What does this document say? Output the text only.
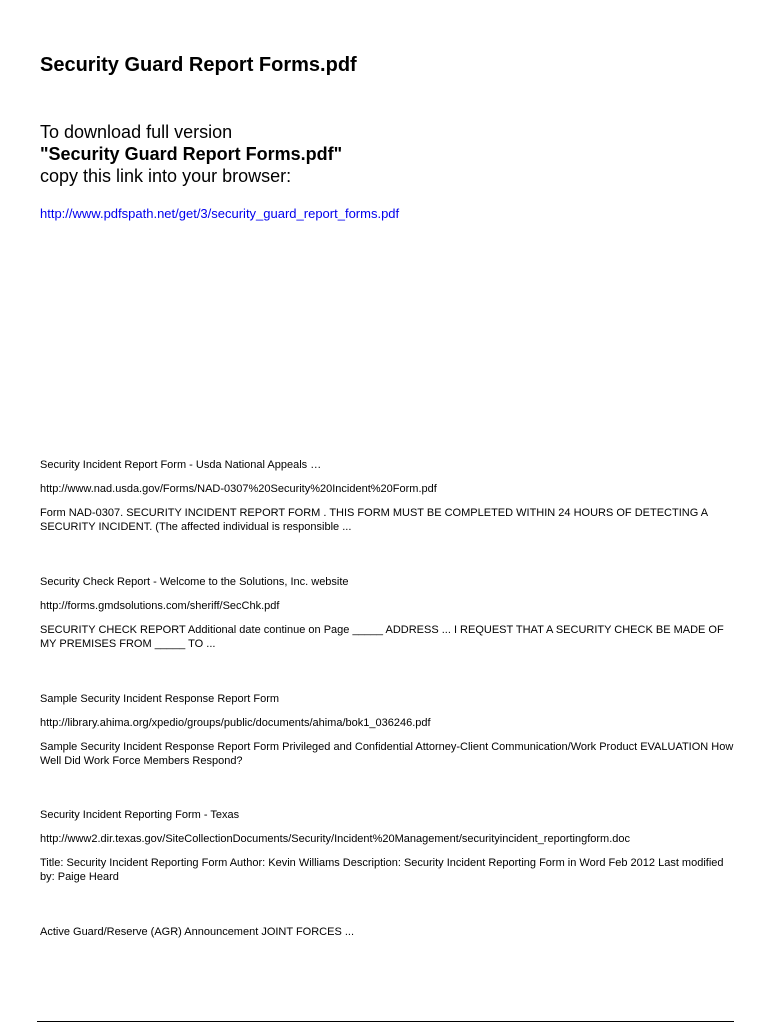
Security Guard Report Forms.pdf
To download full version
"Security Guard Report Forms.pdf"
copy this link into your browser:
http://www.pdfspath.net/get/3/security_guard_report_forms.pdf
Security Incident Report Form - Usda National Appeals …
http://www.nad.usda.gov/Forms/NAD-0307%20Security%20Incident%20Form.pdf
Form NAD-0307. SECURITY INCIDENT REPORT FORM . THIS FORM MUST BE COMPLETED WITHIN 24 HOURS OF DETECTING A SECURITY INCIDENT. (The affected individual is responsible ...
Security Check Report - Welcome to the Solutions, Inc. website
http://forms.gmdsolutions.com/sheriff/SecChk.pdf
SECURITY CHECK REPORT Additional date continue on Page _____ ADDRESS ... I REQUEST THAT A SECURITY CHECK BE MADE OF MY PREMISES FROM _____ TO ...
Sample Security Incident Response Report Form
http://library.ahima.org/xpedio/groups/public/documents/ahima/bok1_036246.pdf
Sample Security Incident Response Report Form Privileged and Confidential Attorney-Client Communication/Work Product EVALUATION How Well Did Work Force Members Respond?
Security Incident Reporting Form - Texas
http://www2.dir.texas.gov/SiteCollectionDocuments/Security/Incident%20Management/securityincident_reportingform.doc
Title: Security Incident Reporting Form Author: Kevin Williams Description: Security Incident Reporting Form in Word Feb 2012 Last modified by: Paige Heard
Active Guard/Reserve (AGR) Announcement JOINT FORCES ...
